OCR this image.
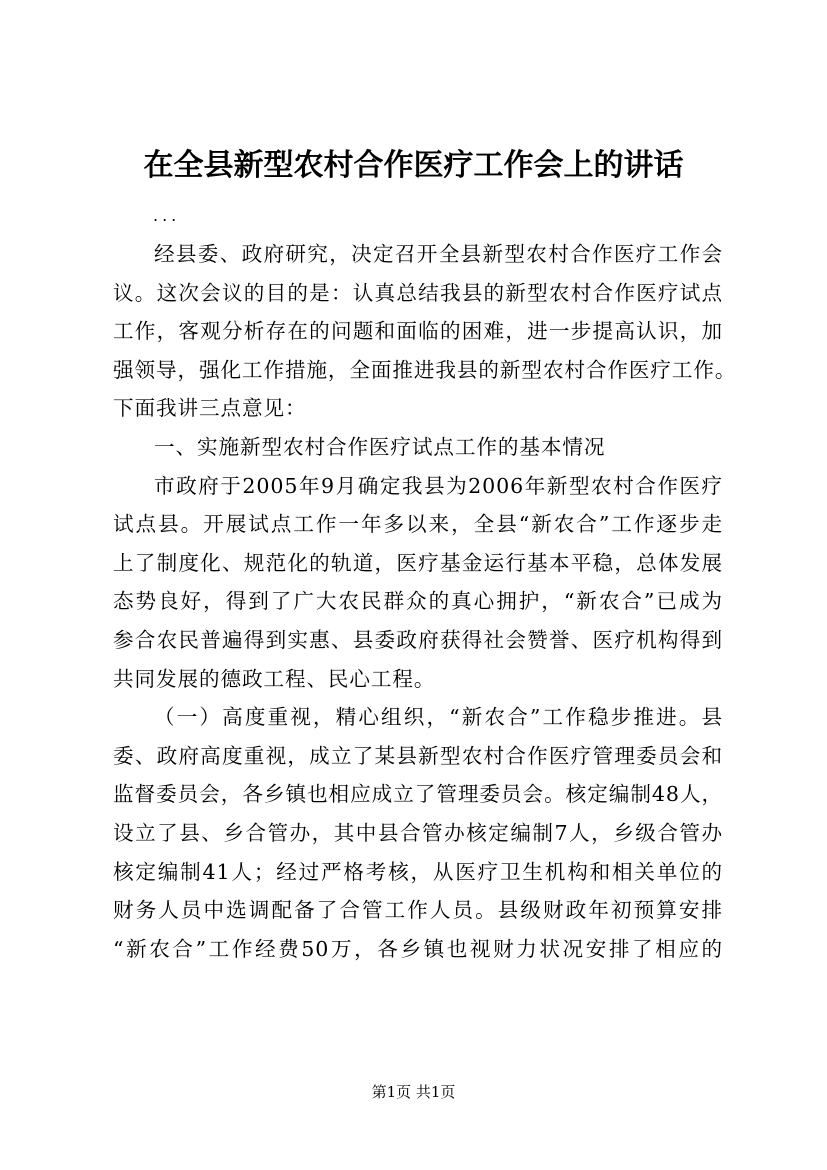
在全县新型农村合作医疗工作会上的讲话
...
经县委、政府研究，决定召开全县新型农村合作医疗工作会
议。这次会议的目的是：认真总结我县的新型农村合作医疗试点
工作，客观分析存在的问题和面临的困难，进一步提高认识，加
强领导，强化工作措施，全面推进我县的新型农村合作医疗工作。
下面我讲三点意见：
一、实施新型农村合作医疗试点工作的基本情况
市政府于2005年9月确定我县为2006年新型农村合作医疗
试点县。开展试点工作一年多以来，全县“新农合”工作逐步走
上了制度化、规范化的轨道，医疗基金运行基本平稳，总体发展
态势良好，得到了广大农民群众的真心拥护，“新农合”已成为
参合农民普遍得到实惠、县委政府获得社会赞誉、医疗机构得到
共同发展的德政工程、民心工程。
（一）高度重视，精心组织，“新农合”工作稳步推进。县
委、政府高度重视，成立了某县新型农村合作医疗管理委员会和
监督委员会，各乡镇也相应成立了管理委员会。核定编制48人，
设立了县、乡合管办，其中县合管办核定编制7人，乡级合管办
核定编制41人；经过严格考核，从医疗卫生机构和相关单位的
财务人员中选调配备了合管工作人员。县级财政年初预算安排
“新农合”工作经费50万，各乡镇也视财力状况安排了相应的
第1页 共1页
